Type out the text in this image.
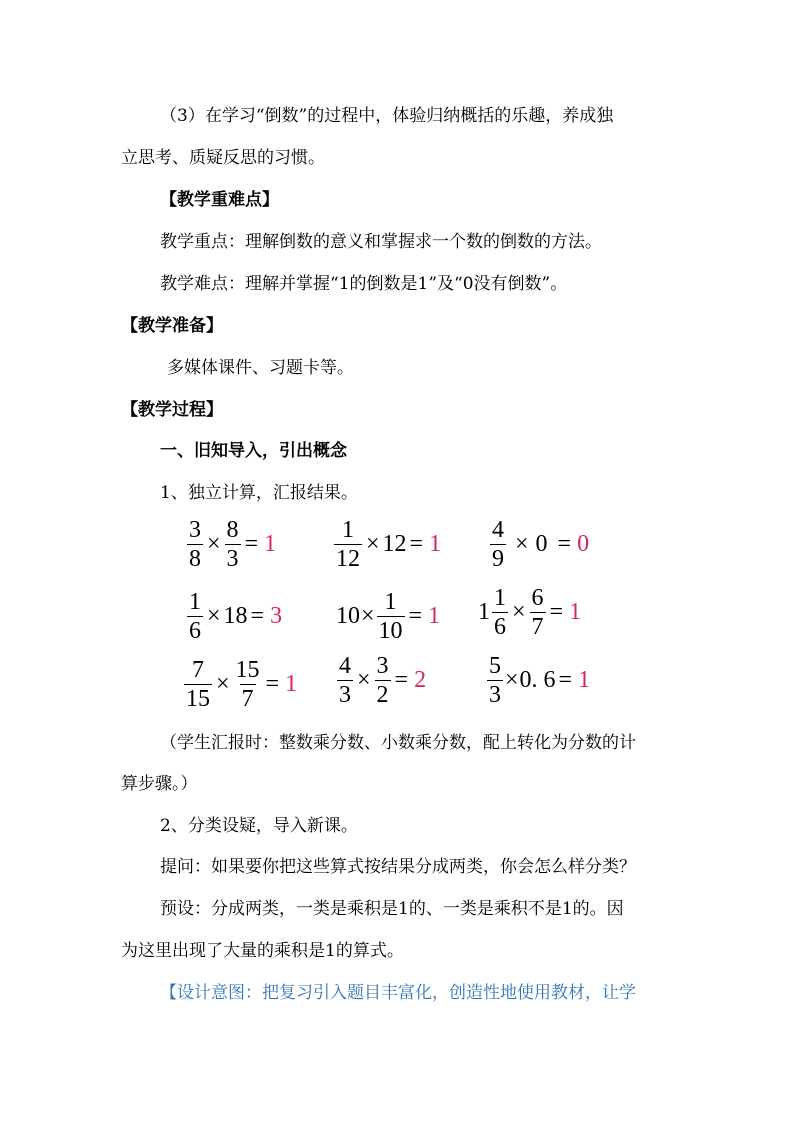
（3）在学习“倒数”的过程中，体验归纳概括的乐趣，养成独
立思考、质疑反思的习惯。
【教学重难点】
教学重点：理解倒数的意义和掌握求一个数的倒数的方法。
教学难点：理解并掌握“1的倒数是1”及“0没有倒数”。
【教学准备】
多媒体课件、习题卡等。
【教学过程】
一、旧知导入，引出概念
1、独立计算，汇报结果。
$\frac{3}{8} \times \frac{8}{3} = 1 \frac{1}{12} \times 12 = 1 \frac{4}{9} \times 0 = 0$
$\frac{1}{6} \times 18 = 3$ $10 \times \frac{1}{10} = 1$ $1 \frac{1}{6} \times \frac{6}{7} = 1$
$\frac{7}{15} \times \frac{15}{7} = 1 \frac{4}{3} \times \frac{3}{2} = 2$	$\frac{5}{3} \times 0$. 6 = 1
（学生汇报时：整数乘分数、小数乘分数，配上转化为分数的计
算步骤。）
2、分类设疑，导入新课。
提问：如果要你把这些算式按结果分成两类，你会怎么样分类？
预设：分成两类，一类是乘积是1的、一类是乘积不是1的。因
为这里出现了大量的乘积是1的算式。
【设计意图：把复习引入题目丰富化，创造性地使用教材，让学
